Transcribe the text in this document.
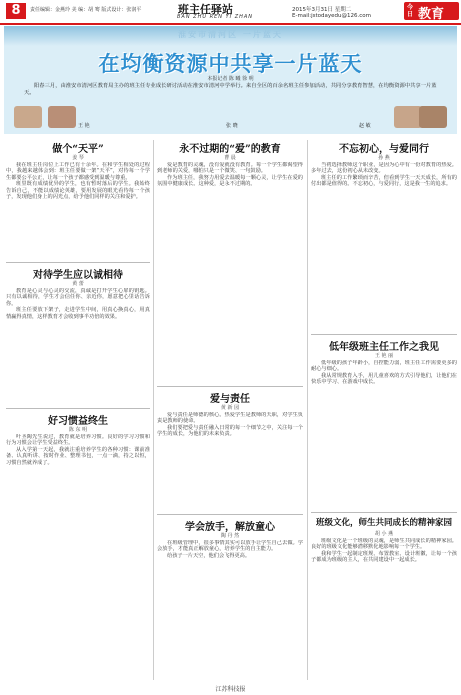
8	责任编辑：金燕玲 美 编：胡 骞 版式设计：张润平	班主任驿站
BAN ZHU REN YI ZHAN
2015年3月31日 星期二
E-mail:jstodayedu@126.com
今日 教育
淮安市清河区 一片蓝天
在均衡资源中共享一片蓝天
本报记者 陈 曦 徐 明
阳春三月，由淮安市清河区教育局主办的班主任专业成长研讨活动在淮安市清河中学举行。来自全区的百余名班主任参加活动，共同分享教育智慧，在均衡资源中共享一片蓝天。
王 艳	张 晓	赵 敏
做个“天平”
姜 琴

我在班主任岗位上工作已有十余年。在和学生相处的过程中，我越来越体会到：班主任要做一架“天平”，对待每一个学生都要公平公正，让每一个孩子都感受到温暖与尊重。

班里既有成绩优异的学生，也有暂时落后的学生。我始终告诉自己，不能以成绩论英雄，要用发展的眼光看待每一个孩子，发现他们身上的闪光点，给予他们同样的关注和爱护。

对待学生应以诚相待
黄 蕾

教育是心灵与心灵的交流，真诚是打开学生心扉的钥匙。只有以诚相待，学生才会信任你、亲近你，愿意把心里话告诉你。

班主任要放下架子，走进学生中间，用真心换真心，用真情赢得真情，这样教育才会收到事半功倍的效果。

好习惯益终生
陈 东 明

叶圣陶先生说过，教育就是培养习惯。良好的学习习惯和行为习惯会让学生受益终生。

从入学第一天起，我就注重培养学生的各种习惯：课前准备、认真听讲、按时作业、整理书包，一点一滴，持之以恒，习惯自然就养成了。

永不过期的“爱”的教育
曹 晨

爱是教育的灵魂，没有爱就没有教育。每一个学生都渴望得到老师的关爱，哪怕只是一个微笑、一句鼓励。

作为班主任，我努力用爱去温暖每一颗心灵，让学生在爱的氛围中健康成长。这种爱，是永不过期的。

爱与责任
黄 新 园

爱与责任是师德的核心。热爱学生是教师的天职，对学生负责是教师的使命。

我们要把爱与责任融入日常的每一个细节之中，关注每一个学生的成长，为他们的未来负责。

学会放手，解放童心
陶 丹 然

在班级管理中，很多事情其实可以放手让学生自己去做。学会放手，才能真正解放童心，培养学生的自主能力。

给孩子一片天空，他们会飞得更高。

不忘初心，与爱同行
孙 燕

当初选择教师这个职业，是因为心中有一份对教育的热爱。多年过去，这份初心从未改变。

班主任的工作繁琐而辛苦，但看到学生一天天成长，所有的付出都是值得的。不忘初心，与爱同行，这是我一生的追求。

低年级班主任工作之我见
王 艳 丽

低年级的孩子年龄小，自控能力弱，班主任工作需要更多的耐心与细心。

我从常规教育入手，用儿童喜欢的方式引导他们，让他们在快乐中学习、在游戏中成长。

班级文化，师生共同成长的精神家园
胡 小 燕

班级文化是一个班级的灵魂，是师生共同成长的精神家园。良好的班级文化能够潜移默化地影响每一个学生。

我和学生一起制定班规、布置教室、设计班徽，让每一个孩子都成为班级的主人，在共同建设中一起成长。

江苏科技报
